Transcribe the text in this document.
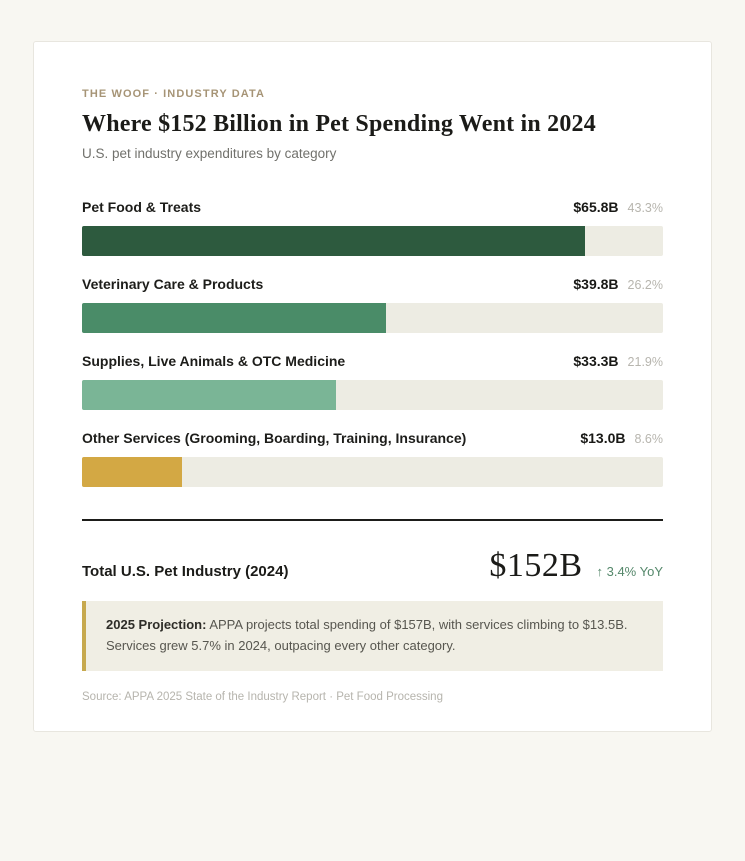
THE WOOF · INDUSTRY DATA
Where $152 Billion in Pet Spending Went in 2024
U.S. pet industry expenditures by category
Pet Food & Treats	$65.8B 43.3%
Veterinary Care & Products	$39.8B 26.2%
Supplies, Live Animals & OTC Medicine	$33.3B 21.9%
Other Services (Grooming, Boarding, Training, Insurance)	$13.0B 8.6%
Total U.S. Pet Industry (2024)	$152B ↑ 3.4% YoY
2025 Projection: APPA projects total spending of $157B, with services climbing to $13.5B. Services grew 5.7% in 2024, outpacing every other category.
Source: APPA 2025 State of the Industry Report · Pet Food Processing
